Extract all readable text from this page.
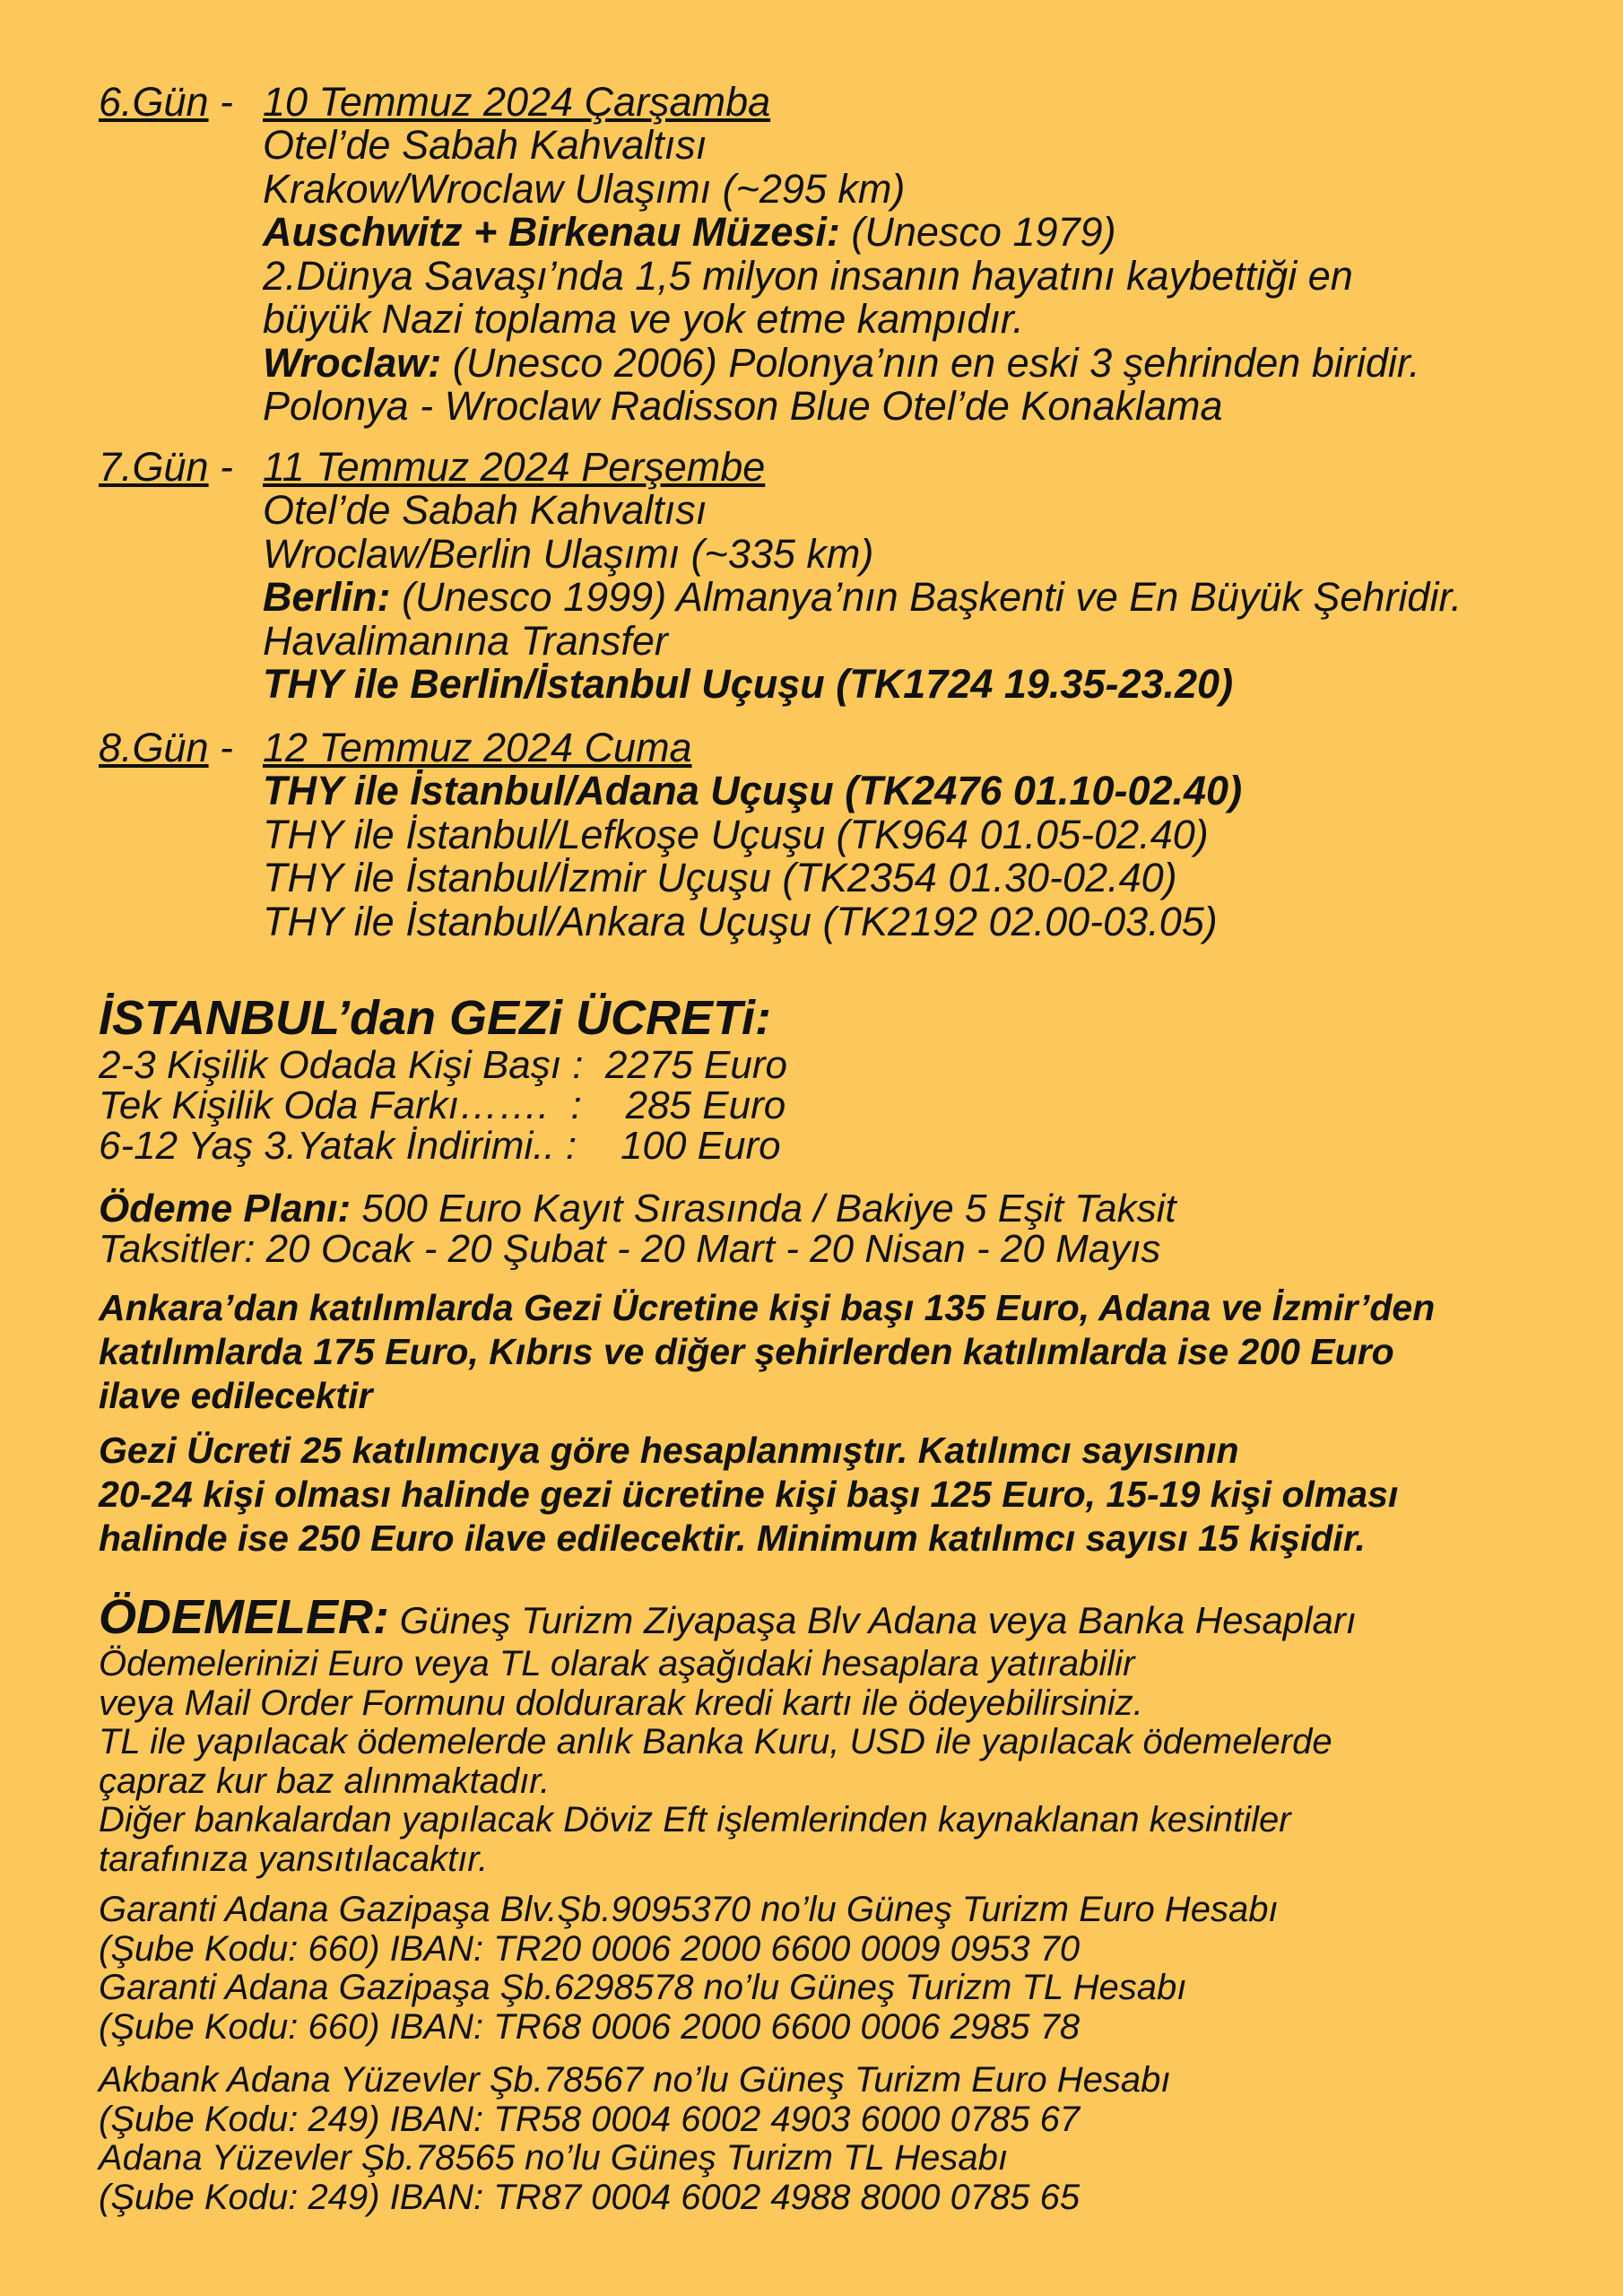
6.Gün - 10 Temmuz 2024 Çarşamba
Otel’de Sabah Kahvaltısı
Krakow/Wroclaw Ulaşımı (~295 km)
Auschwitz + Birkenau Müzesi: (Unesco 1979)
2.Dünya Savaşı’nda 1,5 milyon insanın hayatını kaybettiği en
büyük Nazi toplama ve yok etme kampıdır.
Wroclaw: (Unesco 2006) Polonya’nın en eski 3 şehrinden biridir.
Polonya - Wroclaw Radisson Blue Otel’de Konaklama
7.Gün - 11 Temmuz 2024 Perşembe
Otel’de Sabah Kahvaltısı
Wroclaw/Berlin Ulaşımı (~335 km)
Berlin: (Unesco 1999) Almanya’nın Başkenti ve En Büyük Şehridir.
Havalimanına Transfer
THY ile Berlin/İstanbul Uçuşu (TK1724 19.35-23.20)
8.Gün - 12 Temmuz 2024 Cuma
THY ile İstanbul/Adana Uçuşu (TK2476 01.10-02.40)
THY ile İstanbul/Lefkoşe Uçuşu (TK964 01.05-02.40)
THY ile İstanbul/İzmir Uçuşu (TK2354 01.30-02.40)
THY ile İstanbul/Ankara Uçuşu (TK2192 02.00-03.05)
İSTANBUL’dan GEZi ÜCRETi:
2-3 Kişilik Odada Kişi Başı :  2275 Euro
Tek Kişilik Oda Farkı…….  :    285 Euro
6-12 Yaş 3.Yatak İndirimi.. :    100 Euro
Ödeme Planı: 500 Euro Kayıt Sırasında / Bakiye 5 Eşit Taksit
Taksitler: 20 Ocak - 20 Şubat - 20 Mart - 20 Nisan - 20 Mayıs
Ankara’dan katılımlarda Gezi Ücretine kişi başı 135 Euro, Adana ve İzmir’den
katılımlarda 175 Euro, Kıbrıs ve diğer şehirlerden katılımlarda ise 200 Euro
ilave edilecektir
Gezi Ücreti 25 katılımcıya göre hesaplanmıştır. Katılımcı sayısının
20-24 kişi olması halinde gezi ücretine kişi başı 125 Euro, 15-19 kişi olması
halinde ise 250 Euro ilave edilecektir. Minimum katılımcı sayısı 15 kişidir.
ÖDEMELER: Güneş Turizm Ziyapaşa Blv Adana veya Banka Hesapları
Ödemelerinizi Euro veya TL olarak aşağıdaki hesaplara yatırabilir
veya Mail Order Formunu doldurarak kredi kartı ile ödeyebilirsiniz.
TL ile yapılacak ödemelerde anlık Banka Kuru, USD ile yapılacak ödemelerde
çapraz kur baz alınmaktadır.
Diğer bankalardan yapılacak Döviz Eft işlemlerinden kaynaklanan kesintiler
tarafınıza yansıtılacaktır.
Garanti Adana Gazipaşa Blv.Şb.9095370 no’lu Güneş Turizm Euro Hesabı
(Şube Kodu: 660) IBAN: TR20 0006 2000 6600 0009 0953 70
Garanti Adana Gazipaşa Şb.6298578 no’lu Güneş Turizm TL Hesabı
(Şube Kodu: 660) IBAN: TR68 0006 2000 6600 0006 2985 78
Akbank Adana Yüzevler Şb.78567 no’lu Güneş Turizm Euro Hesabı
(Şube Kodu: 249) IBAN: TR58 0004 6002 4903 6000 0785 67
Adana Yüzevler Şb.78565 no’lu Güneş Turizm TL Hesabı
(Şube Kodu: 249) IBAN: TR87 0004 6002 4988 8000 0785 65
